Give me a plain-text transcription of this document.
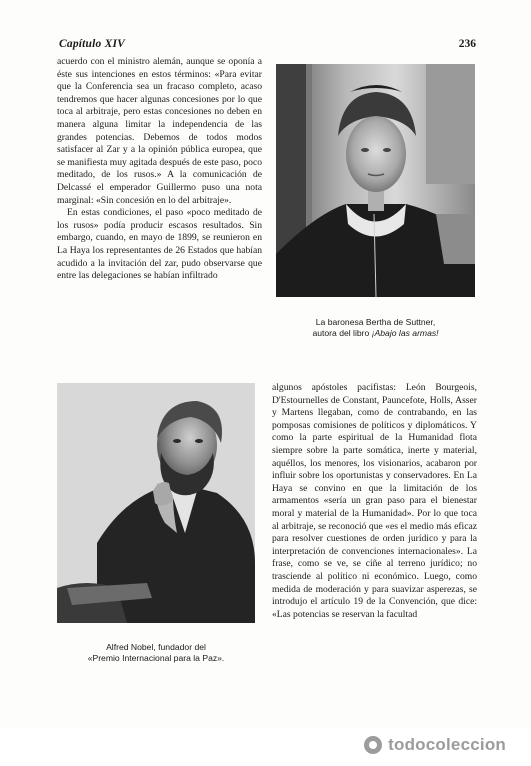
Capítulo XIV	236

acuerdo con el ministro alemán, aunque se oponía a éste sus intenciones en estos términos: «Para evitar que la Conferencia sea un fracaso completo, acaso tendremos que hacer algunas concesiones por lo que toca al arbitraje, pero estas concesiones no deben en manera alguna limitar la independencia de las grandes potencias. Debemos de todos modos satisfacer al Zar y a la opinión pública europea, que se manifiesta muy agitada después de este paso, poco meditado, de los rusos.» A la comunicación de Delcassé el emperador Guillermo puso una nota marginal: «Sin concesión en lo del arbitraje».

En estas condiciones, el paso «poco meditado de los rusos» podía producir escasos resultados. Sin embargo, cuando, en mayo de 1899, se reunieron en La Haya los representantes de 26 Estados que habían acudido a la invitación del zar, pudo observarse que entre las delegaciones se habían infiltrado

La baronesa Bertha de Suttner,
autora del libro ¡Abajo las armas!
Alfred Nobel, fundador del
«Premio Internacional para la Paz».

algunos apóstoles pacifistas: León Bourgeois, D'Estournelles de Constant, Pauncefote, Holls, Asser y Martens llegaban, como de contrabando, en las pomposas comisiones de políticos y diplomáticos. Y como la parte espiritual de la Humanidad flota siempre sobre la parte somática, inerte y material, aquéllos, los menores, los visionarios, acabaron por influir sobre los oportunistas y conservadores. En La Haya se convino en que la limitación de los armamentos «sería un gran paso para el bienestar moral y material de la Humanidad». Por lo que toca al arbitraje, se reconoció que «es el medio más eficaz para resolver cuestiones de orden jurídico y para la interpretación de convenciones internacionales». La frase, como se ve, se ciñe al terreno jurídico; no trasciende al político ni económico. Luego, como medida de moderación y para suavizar asperezas, se introdujo el artículo 19 de la Convención, que dice: «Las potencias se reservan la facultad

todocoleccion
